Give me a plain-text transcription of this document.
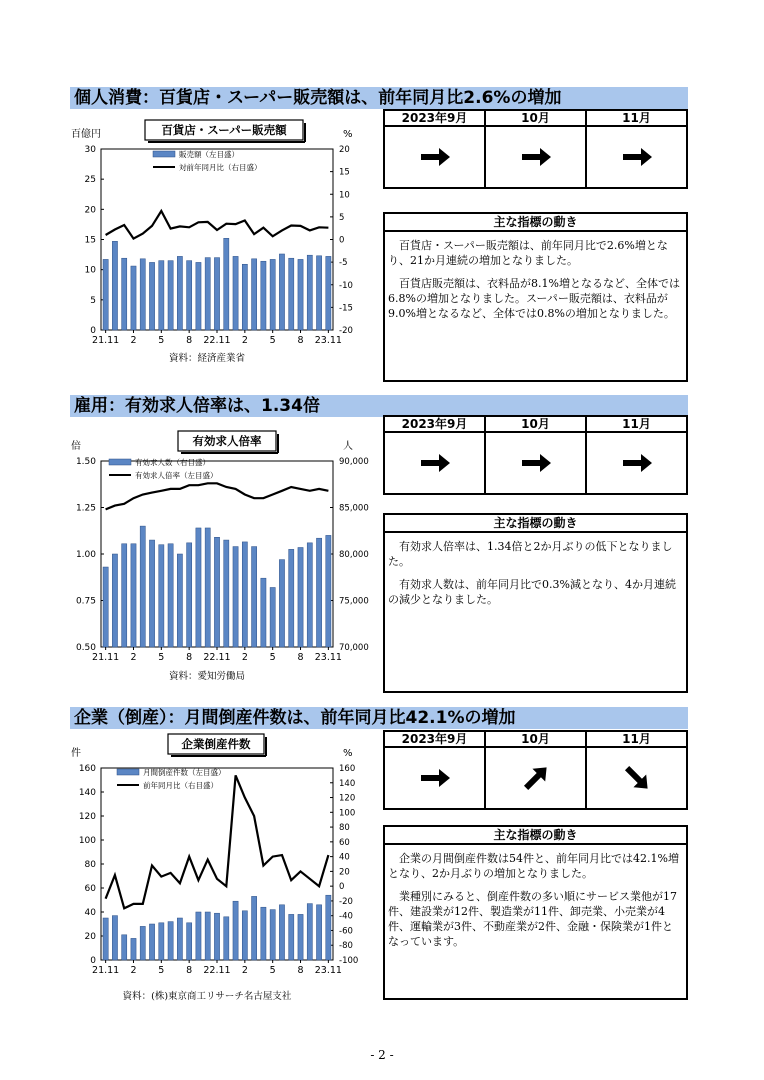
個人消費：百貨店・スーパー販売額は、前年同月比2.6%の増加
0
5
10
15
20
25
30
-20
-15
-10
-5
0
5
10
15
20
百億円	%
21.11 2 5 8 22.11 2 5 8 23.11
百貨店・スーパー販売額
販売額（左目盛）
対前年同月比（右目盛）
資料：経済産業省
2023年9月	10月	11月
主な指標の動き

百貨店・スーパー販売額は、前年同月比で2.6%増となり、21か月連続の増加となりました。

百貨店販売額は、衣料品が8.1%増となるなど、全体では6.8%の増加となりました。スーパー販売額は、衣料品が9.0%増となるなど、全体では0.8%の増加となりました。

雇用：有効求人倍率は、1.34倍
0.50
0.75
1.00
1.25
1.50
70,000
75,000
80,000
85,000
90,000
倍	人
21.11 2 5 8 22.11 2 5 8 23.11
有効求人倍率
有効求人数（右目盛）
有効求人倍率（左目盛）
資料：愛知労働局
2023年9月	10月	11月
主な指標の動き

有効求人倍率は、1.34倍と2か月ぶりの低下となりました。

有効求人数は、前年同月比で0.3%減となり、4か月連続の減少となりました。

企業（倒産）：月間倒産件数は、前年同月比42.1%の増加
0
20
40
60
80
100
120
140
160
-100
-80
-60
-40
-20
0
20
40
60
80
100
120
140
160
件	%
21.11 2 5 8 22.11 2 5 8 23.11
企業倒産件数
月間倒産件数（左目盛）
前年同月比（右目盛）
資料：(株)東京商工リサーチ名古屋支社
2023年9月	10月	11月
主な指標の動き

企業の月間倒産件数は54件と、前年同月比では42.1%増となり、2か月ぶりの増加となりました。

業種別にみると、倒産件数の多い順にサービス業他が17件、建設業が12件、製造業が11件、卸売業、小売業が4件、運輸業が3件、不動産業が2件、金融・保険業が1件となっています。

- 2 -
